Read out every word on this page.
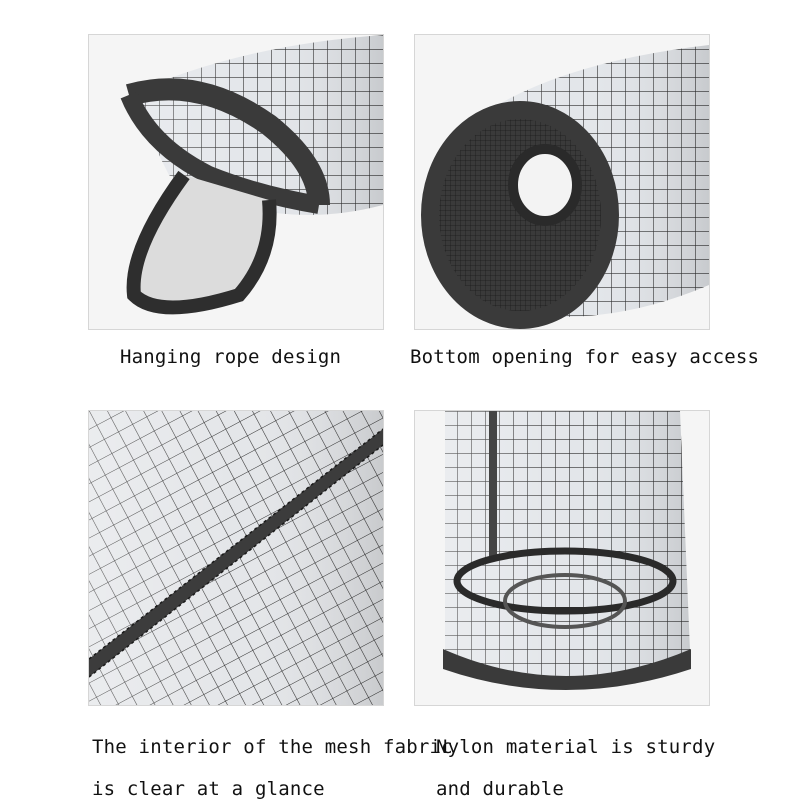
Hanging rope design	Bottom opening for easy access
The interior of the mesh fabric
is clear at a glance
Nylon material is sturdy
and durable
